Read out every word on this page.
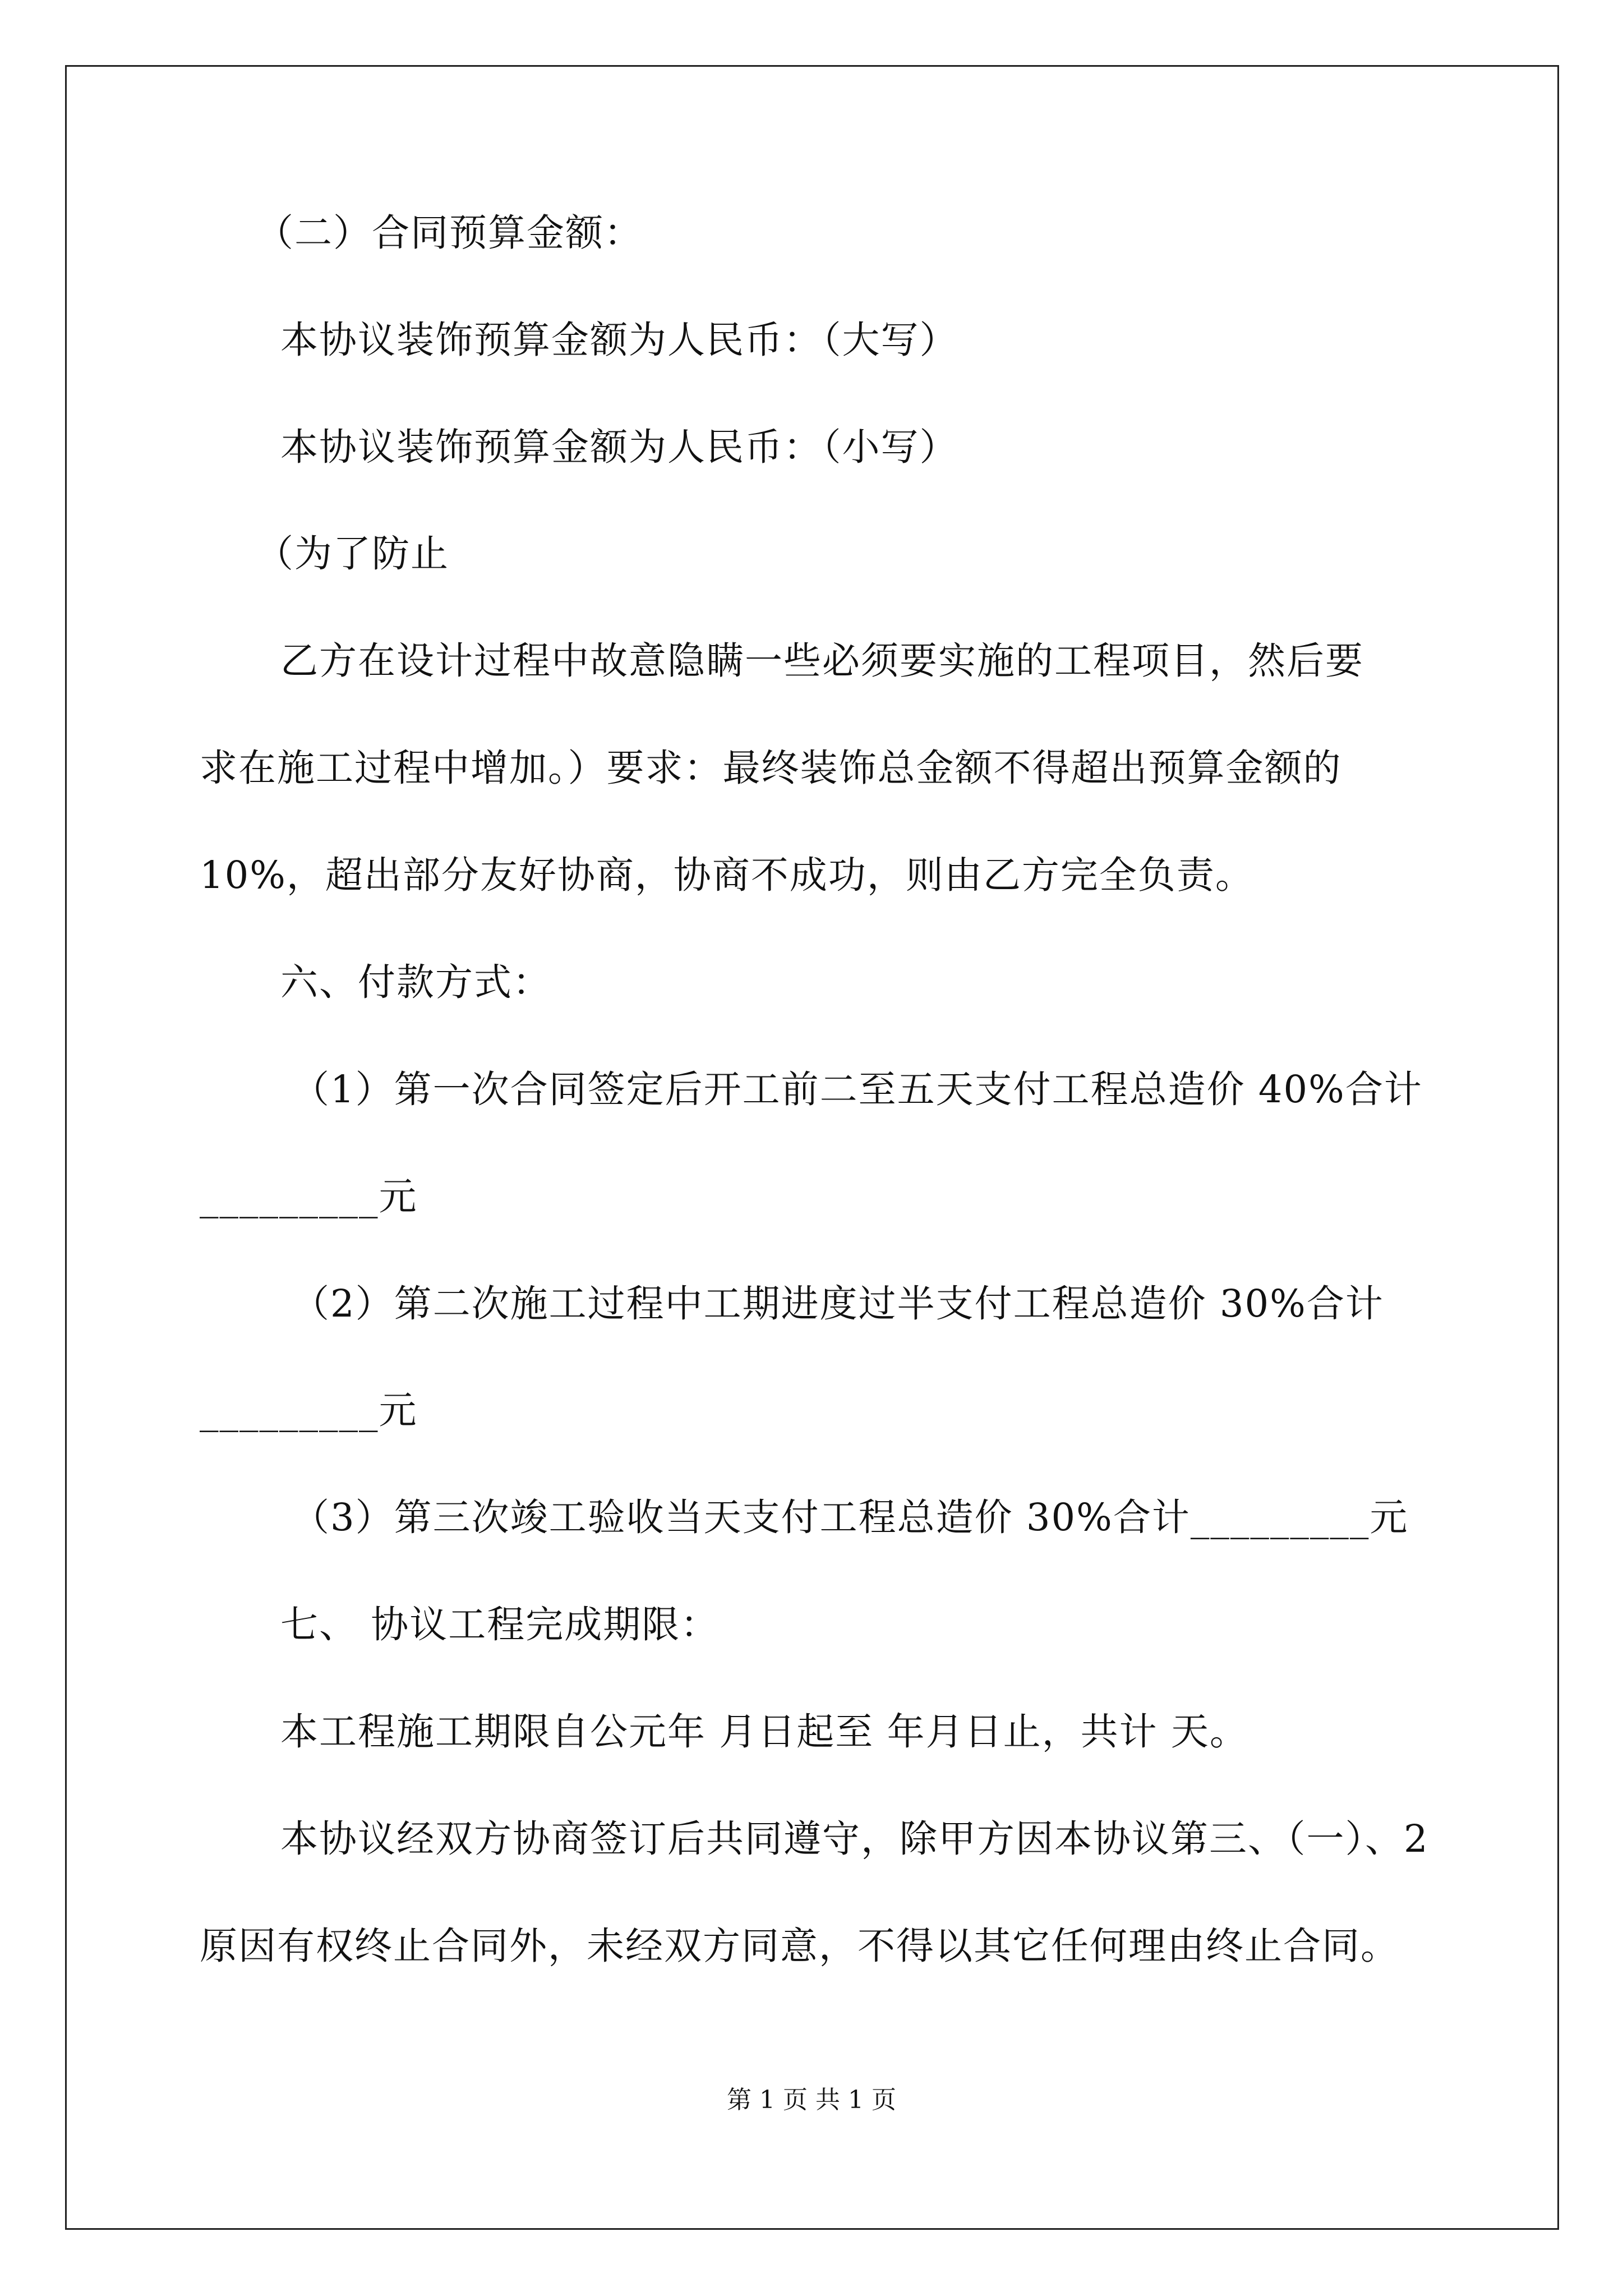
（二）合同预算金额：
本协议装饰预算金额为人民币：（大写）
本协议装饰预算金额为人民币：（小写）
（为了防止
乙方在设计过程中故意隐瞒一些必须要实施的工程项目，然后要
求在施工过程中增加。）要求：最终装饰总金额不得超出预算金额的
10%，超出部分友好协商，协商不成功，则由乙方完全负责。
六、付款方式：
（1）第一次合同签定后开工前二至五天支付工程总造价 40%合计
_________元
（2）第二次施工过程中工期进度过半支付工程总造价 30%合计
_________元
（3）第三次竣工验收当天支付工程总造价 30%合计_________元
七、 协议工程完成期限：
本工程施工期限自公元年 月日起至 年月日止，共计 天。
本协议经双方协商签订后共同遵守，除甲方因本协议第三、（一）、2
原因有权终止合同外，未经双方同意，不得以其它任何理由终止合同。
第 1 页 共 1 页
